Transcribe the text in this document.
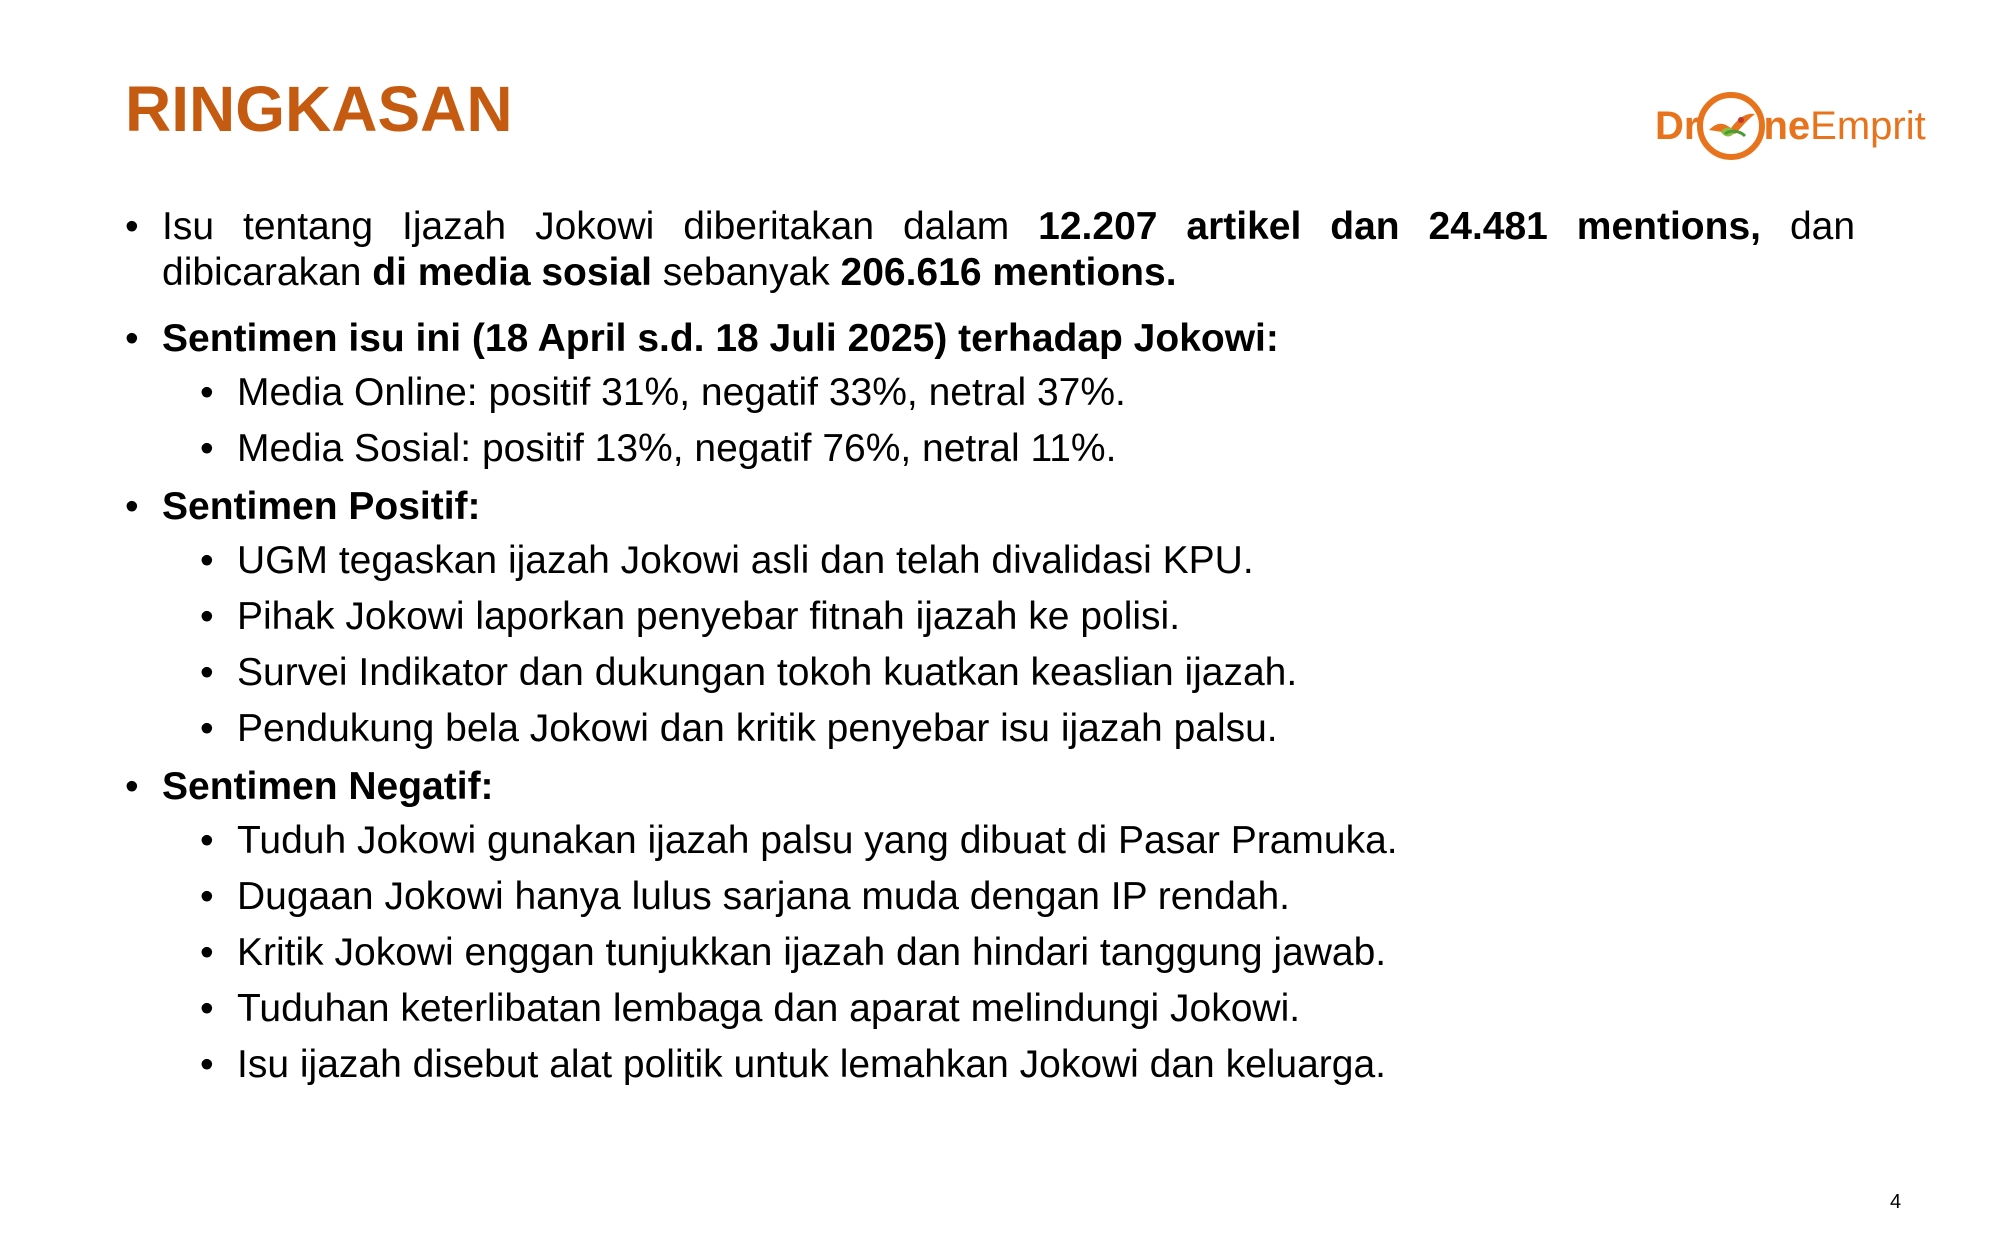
RINGKASAN	Dr ne Emprit
• Isu tentang Ijazah Jokowi diberitakan dalam 12.207 artikel dan 24.481 mentions, dan dibicarakan di media sosial sebanyak 206.616 mentions.
• Sentimen isu ini (18 April s.d. 18 Juli 2025) terhadap Jokowi:
• Media Online: positif 31%, negatif 33%, netral 37%.
• Media Sosial: positif 13%, negatif 76%, netral 11%.
• Sentimen Positif:
• UGM tegaskan ijazah Jokowi asli dan telah divalidasi KPU.
• Pihak Jokowi laporkan penyebar fitnah ijazah ke polisi.
• Survei Indikator dan dukungan tokoh kuatkan keaslian ijazah.
• Pendukung bela Jokowi dan kritik penyebar isu ijazah palsu.
• Sentimen Negatif:
• Tuduh Jokowi gunakan ijazah palsu yang dibuat di Pasar Pramuka.
• Dugaan Jokowi hanya lulus sarjana muda dengan IP rendah.
• Kritik Jokowi enggan tunjukkan ijazah dan hindari tanggung jawab.
• Tuduhan keterlibatan lembaga dan aparat melindungi Jokowi.
• Isu ijazah disebut alat politik untuk lemahkan Jokowi dan keluarga.
4
